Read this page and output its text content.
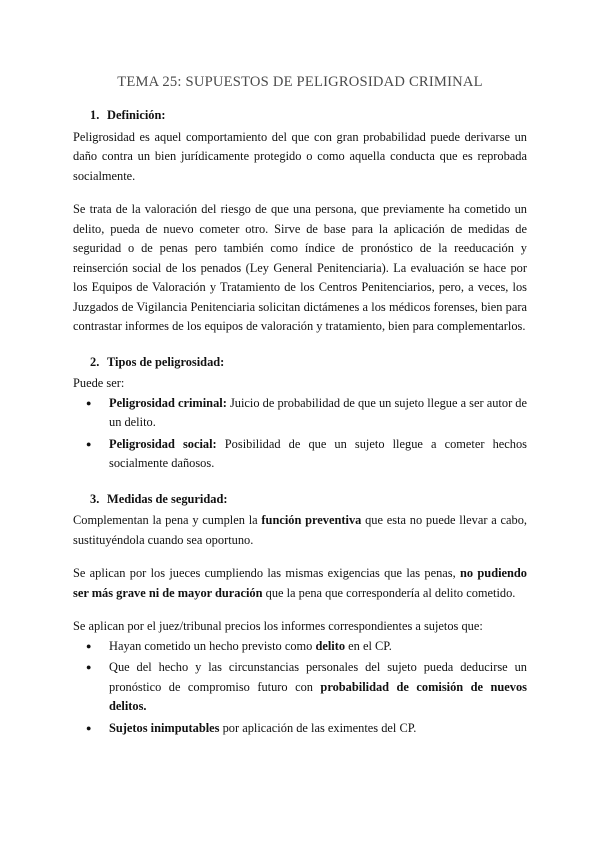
TEMA 25: SUPUESTOS DE PELIGROSIDAD CRIMINAL
1. Definición:

Peligrosidad es aquel comportamiento del que con gran probabilidad puede derivarse un daño contra un bien jurídicamente protegido o como aquella conducta que es reprobada socialmente.

Se trata de la valoración del riesgo de que una persona, que previamente ha cometido un delito, pueda de nuevo cometer otro. Sirve de base para la aplicación de medidas de seguridad o de penas pero también como índice de pronóstico de la reeducación y reinserción social de los penados (Ley General Penitenciaria). La evaluación se hace por los Equipos de Valoración y Tratamiento de los Centros Penitenciarios, pero, a veces, los Juzgados de Vigilancia Penitenciaria solicitan dictámenes a los médicos forenses, bien para contrastar informes de los equipos de valoración y tratamiento, bien para complementarlos.

2. Tipos de peligrosidad:

Puede ser:

● Peligrosidad criminal: Juicio de probabilidad de que un sujeto llegue a ser autor de un delito.
● Peligrosidad social: Posibilidad de que un sujeto llegue a cometer hechos socialmente dañosos.
3. Medidas de seguridad:

Complementan la pena y cumplen la función preventiva que esta no puede llevar a cabo, sustituyéndola cuando sea oportuno.

Se aplican por los jueces cumpliendo las mismas exigencias que las penas, no pudiendo ser más grave ni de mayor duración que la pena que correspondería al delito cometido.

Se aplican por el juez/tribunal precios los informes correspondientes a sujetos que:

● Hayan cometido un hecho previsto como delito en el CP.
● Que del hecho y las circunstancias personales del sujeto pueda deducirse un pronóstico de compromiso futuro con probabilidad de comisión de nuevos delitos.
● Sujetos inimputables por aplicación de las eximentes del CP.
